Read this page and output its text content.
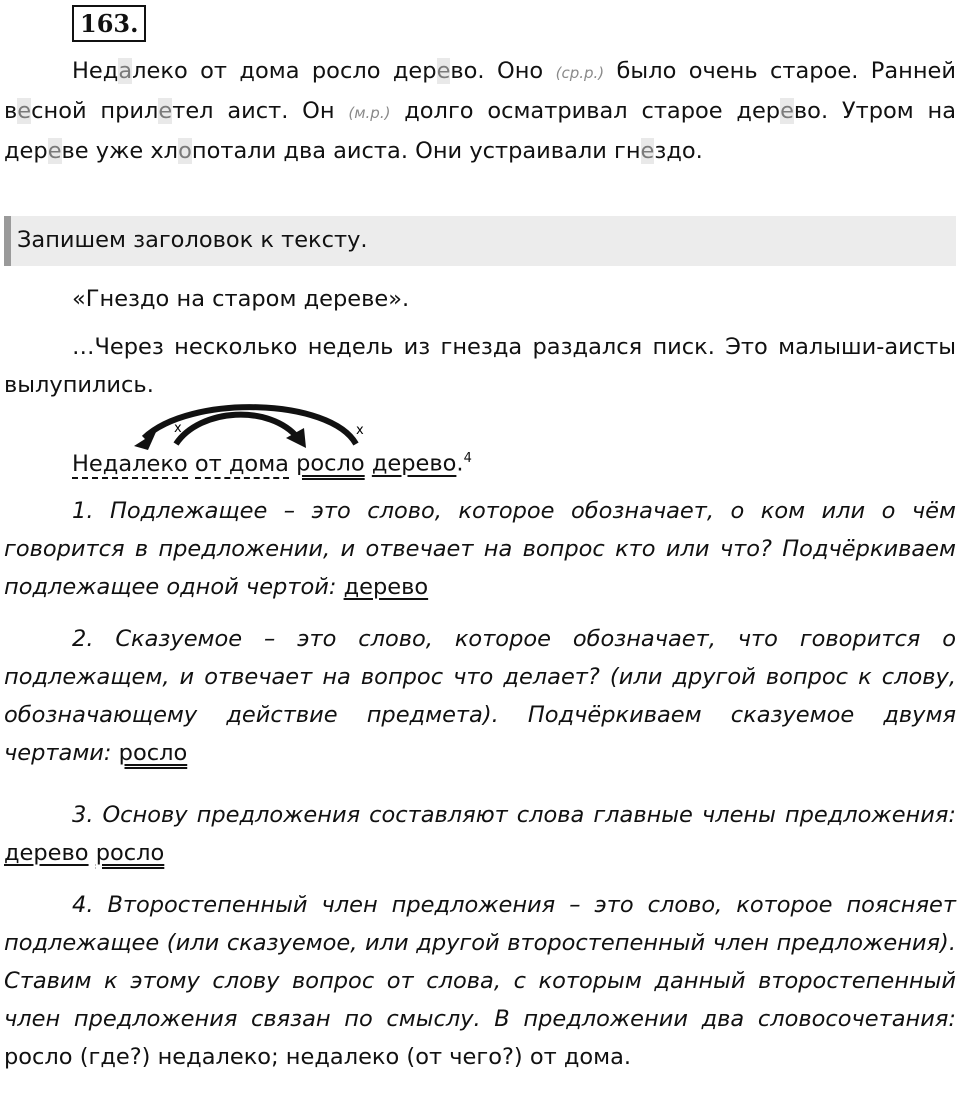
163.

Недалеко от дома росло дерево. Оно (ср.р.) было очень старое. Ранней весной прилетел аист. Он (м.р.) долго осматривал старое дерево. Утром на дереве уже хлопотали два аиста. Они устраивали гнездо.

Запишем заголовок к тексту.

«Гнездо на старом дереве».

…Через несколько недель из гнезда раздался писк. Это малыши-аисты вылупились.

x	x
Недалеко от дома росло дерево.$^4$

1. Подлежащее – это слово, которое обозначает, о ком или о чём говорится в предложении, и отвечает на вопрос кто или что? Подчёркиваем подлежащее одной чертой: дерево

2. Сказуемое – это слово, которое обозначает, что говорится о подлежащем, и отвечает на вопрос что делает? (или другой вопрос к слову, обозначающему действие предмета). Подчёркиваем сказуемое двумя чертами: росло

3. Основу предложения составляют слова главные члены предложения: дерево росло

4. Второстепенный член предложения – это слово, которое поясняет подлежащее (или сказуемое, или другой второстепенный член предложения). Ставим к этому слову вопрос от слова, с которым данный второстепенный член предложения связан по смыслу. В предложении два словосочетания: росло (где?) недалеко; недалеко (от чего?) от дома.
